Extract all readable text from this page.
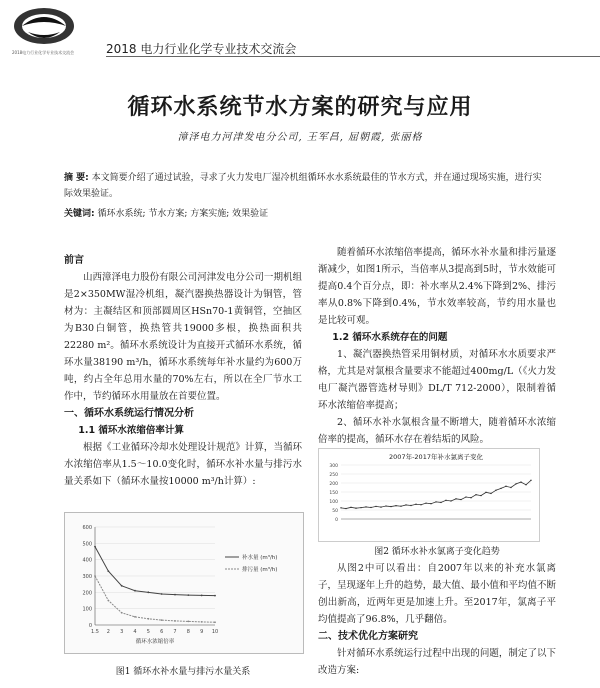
2018电力行业化学专业技术交流会	2018 电力行业化学专业技术交流会
循环水系统节水方案的研究与应用
漳泽电力河津发电分公司, 王军昌, 屈朝霞, 张丽格
摘 要: 本文简要介绍了通过试验，寻求了火力发电厂湿冷机组循环水水系统最佳的节水方式，并在通过现场实施，进行实际效果验证。
关键词: 循环水系统; 节水方案; 方案实施; 效果验证

前言

山西漳泽电力股份有限公司河津发电分公司一期机组是2×350MW湿冷机组，凝汽器换热器设计为铜管，管材为：主凝结区和顶部圆周区HSn70-1黄铜管，空抽区为B30白铜管，换热管共19000多根，换热面积共22280 m²。循环水系统设计为直接开式循环水系统，循环水量38190 m³/h，循环水系统每年补水量约为600万吨，约占全年总用水量的70%左右，所以在全厂节水工作中，节约循环水用量放在首要位置。

一、循环水系统运行情况分析

1.1 循环水浓缩倍率计算

根据《工业循环冷却水处理设计规范》计算，当循环水浓缩倍率从1.5～10.0变化时，循环水补水量与排污水量关系如下（循环水量按10000 m³/h计算）:

0
100
200
300
400
500
600
1.5 2 3 4 5 6 7 8 9 10
循环水浓缩倍率
补水量 (m³/h)
排污量 (m³/h)
图1 循环水补水量与排污水量关系

随着循环水浓缩倍率提高，循环水补水量和排污量逐渐减少，如图1所示，当倍率从3提高到5时，节水效能可提高0.4个百分点，即：补水率从2.4%下降到2%、排污率从0.8%下降到0.4%，节水效率较高，节约用水量也是比较可观。

1.2 循环水系统存在的问题

1、凝汽器换热管采用铜材质，对循环水水质要求严格，尤其是对氯根含量要求不能超过400mg/L（《火力发电厂凝汽器管选材导则》DL/T 712-2000），限制着循环水浓缩倍率提高；

2、循环水补水氯根含量不断增大，随着循环水浓缩倍率的提高，循环水存在着结垢的风险。

2007年-2017年补水氯离子变化
0
50
100
150
200
250
300
图2 循环水补水氯离子变化趋势

从图2中可以看出：自2007年以来的补充水氯离子，呈现逐年上升的趋势，最大值、最小值和平均值不断创出新高，近两年更是加速上升。至2017年，氯离子平均值提高了96.8%，几乎翻倍。

二、技术优化方案研究

针对循环水系统运行过程中出现的问题，制定了以下改造方案:
